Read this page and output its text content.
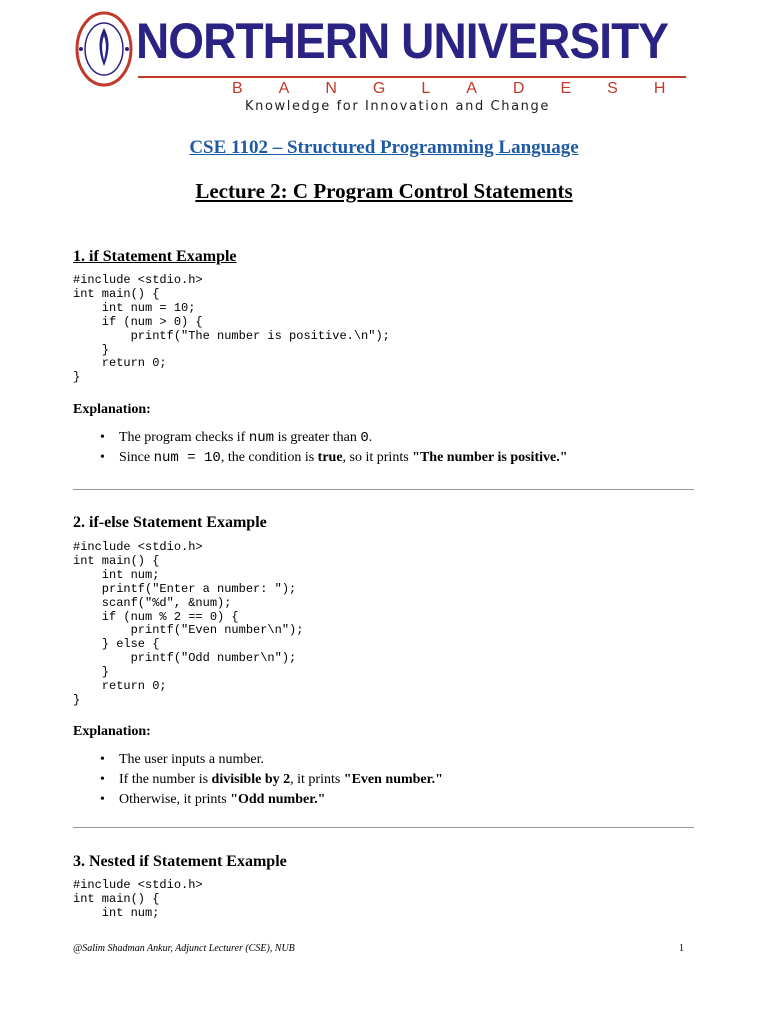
NORTHERN UNIVERSITY
BANGLADESH
Knowledge for Innovation and Change
CSE 1102 – Structured Programming Language
Lecture 2: C Program Control Statements
1. if Statement Example
#include <stdio.h>
int main() {
int num = 10;
if (num > 0) {
printf("The number is positive.\n");
}
return 0;
}
Explanation:
• The program checks if num is greater than 0.
• Since num = 10, the condition is true, so it prints "The number is positive."
2. if-else Statement Example
#include <stdio.h>
int main() {
int num;
printf("Enter a number: ");
scanf("%d", &num);
if (num % 2 == 0) {
printf("Even number\n");
} else {
printf("Odd number\n");
}
return 0;
}
Explanation:
• The user inputs a number.
• If the number is divisible by 2, it prints "Even number."
• Otherwise, it prints "Odd number."
3. Nested if Statement Example
#include <stdio.h>
int main() {
int num;
@Salim Shadman Ankur, Adjunct Lecturer (CSE), NUB	1
